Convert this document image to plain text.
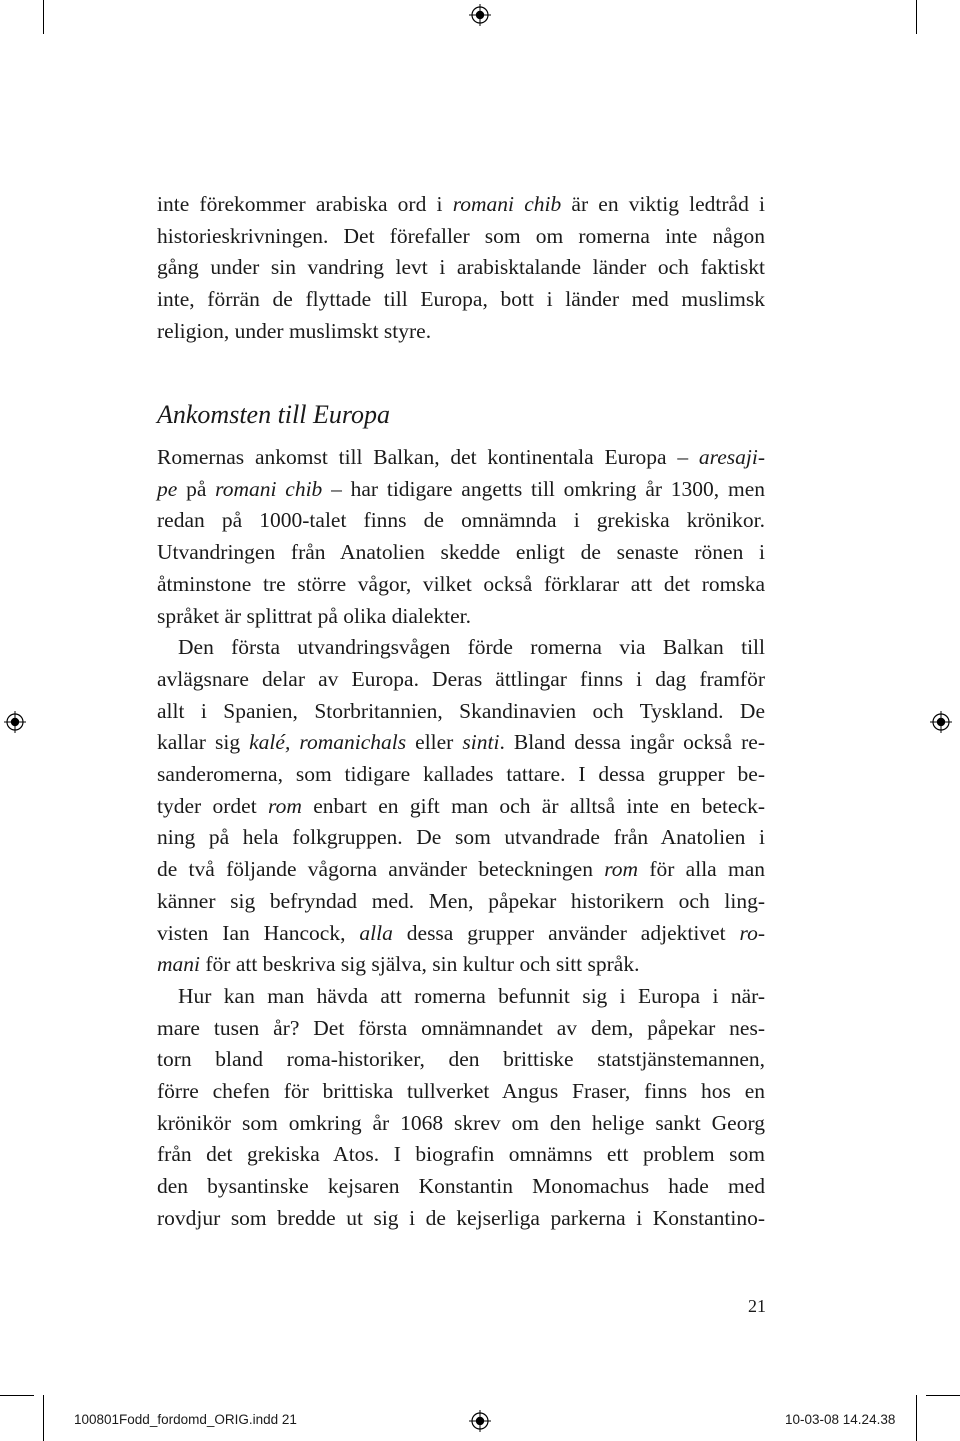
inte förekommer arabiska ord i romani chib är en viktig ledtråd i
historieskrivningen. Det förefaller som om romerna inte någon
gång under sin vandring levt i arabisktalande länder och faktiskt
inte, förrän de flyttade till Europa, bott i länder med muslimsk
religion, under muslimskt styre.
Ankomsten till Europa
Romernas ankomst till Balkan, det kontinentala Europa – aresaji-
pe på romani chib – har tidigare angetts till omkring år 1300, men
redan på 1000-talet finns de omnämnda i grekiska krönikor.
Utvandringen från Anatolien skedde enligt de senaste rönen i
åtminstone tre större vågor, vilket också förklarar att det romska
språket är splittrat på olika dialekter.
Den första utvandringsvågen förde romerna via Balkan till
avlägsnare delar av Europa. Deras ättlingar finns i dag framför
allt i Spanien, Storbritannien, Skandinavien och Tyskland. De
kallar sig kalé, romanichals eller sinti. Bland dessa ingår också re-
sanderomerna, som tidigare kallades tattare. I dessa grupper be-
tyder ordet rom enbart en gift man och är alltså inte en beteck-
ning på hela folkgruppen. De som utvandrade från Anatolien i
de två följande vågorna använder beteckningen rom för alla man
känner sig befryndad med. Men, påpekar historikern och ling-
visten Ian Hancock, alla dessa grupper använder adjektivet ro-
mani för att beskriva sig själva, sin kultur och sitt språk.
Hur kan man hävda att romerna befunnit sig i Europa i när-
mare tusen år? Det första omnämnandet av dem, påpekar nes-
torn bland roma-historiker, den brittiske statstjänstemannen,
förre chefen för brittiska tullverket Angus Fraser, finns hos en
krönikör som omkring år 1068 skrev om den helige sankt Georg
från det grekiska Atos. I biografin omnämns ett problem som
den bysantinske kejsaren Konstantin Monomachus hade med
rovdjur som bredde ut sig i de kejserliga parkerna i Konstantino-
21
100801Fodd_fordomd_ORIG.indd 21	10-03-08 14.24.38
